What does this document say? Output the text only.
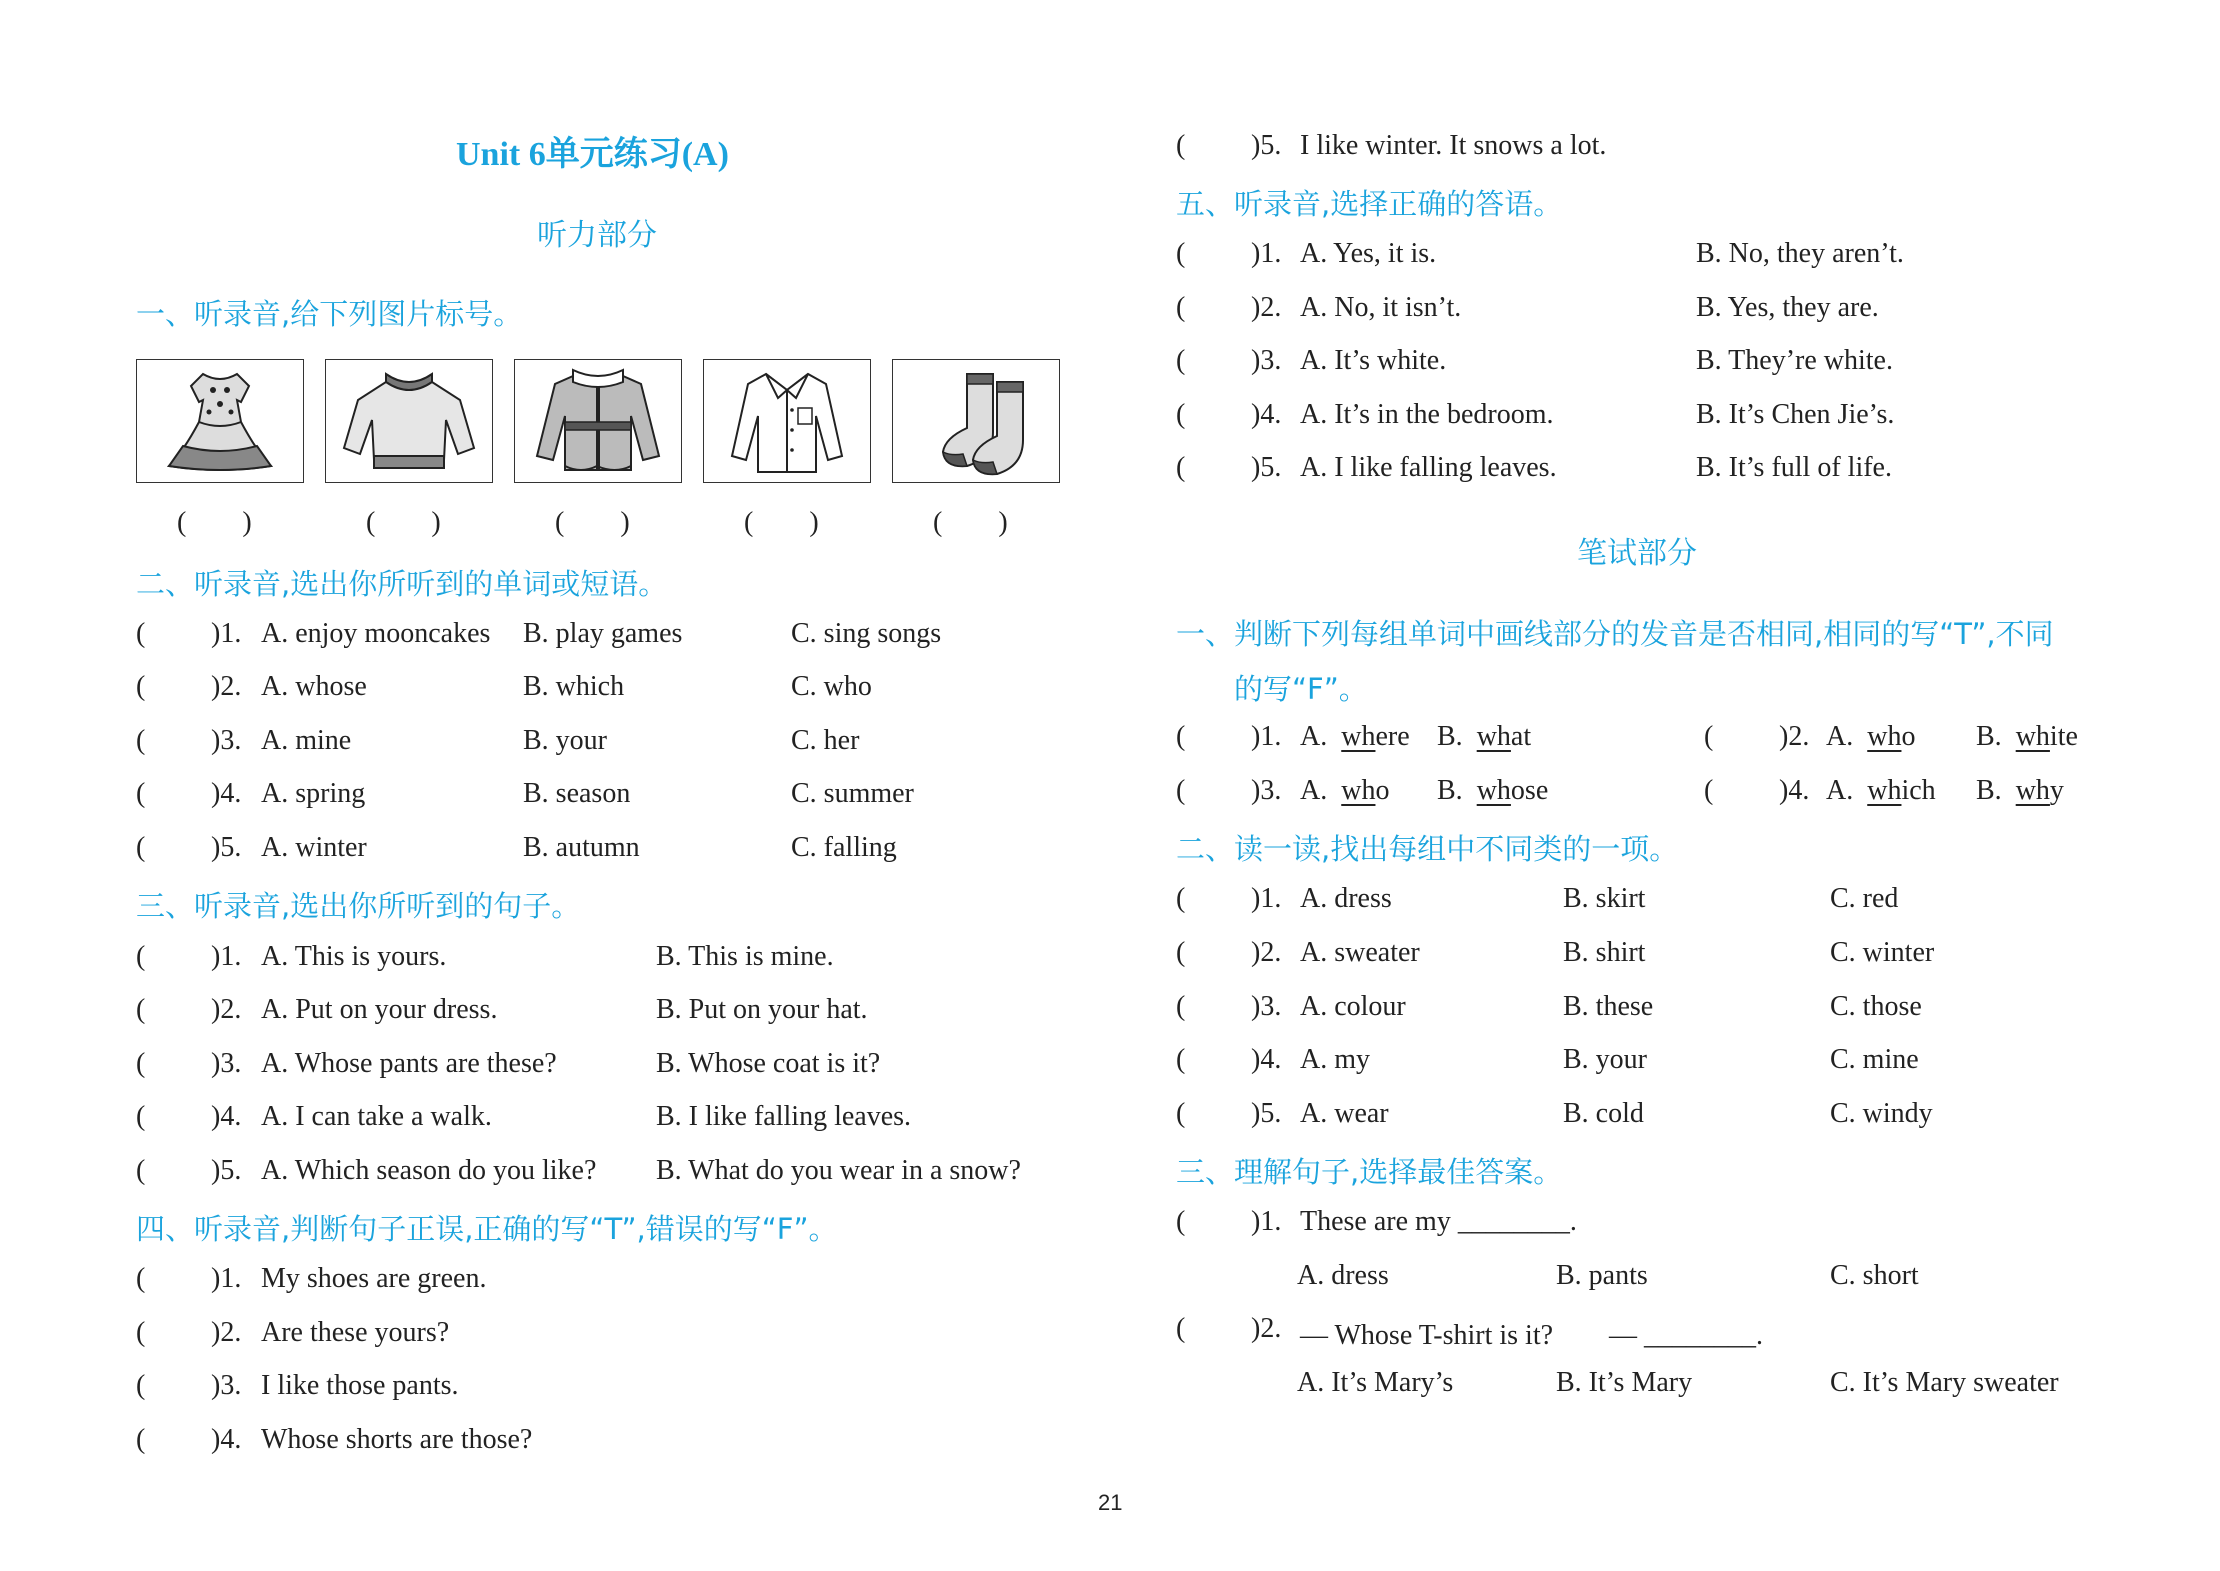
Unit 6单元练习(A)
听力部分
一、听录音,给下列图片标号。
(　　)	(　　)	(　　)	(　　)	(　　)
二、听录音,选出你所听到的单词或短语。
( )1. A. enjoy mooncakes B. play games	C. sing songs
( )2. A. whose	B. which	C. who
( )3. A. mine	B. your	C. her
( )4. A. spring	B. season	C. summer
( )5. A. winter	B. autumn	C. falling
三、听录音,选出你所听到的句子。
( )1. A. This is yours.	B. This is mine.
( )2. A. Put on your dress.	B. Put on your hat.
( )3. A. Whose pants are these?	B. Whose coat is it?
( )4. A. I can take a walk.	B. I like falling leaves.
( )5. A. Which season do you like? B. What do you wear in a snow?
四、听录音,判断句子正误,正确的写“T”,错误的写“F”。
( )1. My shoes are green.
( )2. Are these yours?
( )3. I like those pants.
( )4. Whose shorts are those?
( )5. I like winter. It snows a lot.
五、听录音,选择正确的答语。
( )1. A. Yes, it is.	B. No, they aren’t.
( )2. A. No, it isn’t.	B. Yes, they are.
( )3. A. It’s white.	B. They’re white.
( )4. A. It’s in the bedroom.	B. It’s Chen Jie’s.
( )5. A. I like falling leaves.	B. It’s full of life.
笔试部分
一、判断下列每组单词中画线部分的发音是否相同,相同的写“T”,不同
的写“F”。
( )1. A.  where B.  what	( )2. A.  who B.  white
( )3. A.  who B.  whose	( )4. A.  which B.  why
二、读一读,找出每组中不同类的一项。
( )1. A. dress	B. skirt	C. red
( )2. A. sweater	B. shirt	C. winter
( )3. A. colour	B. these	C. those
( )4. A. my	B. your	C. mine
( )5. A. wear	B. cold	C. windy
三、理解句子,选择最佳答案。
( )1. These are my ________.
A. dress	B. pants	C. short
( )2. — Whose T-shirt is it?　　— ________.
A. It’s Mary’s	B. It’s Mary	C. It’s Mary sweater
21
